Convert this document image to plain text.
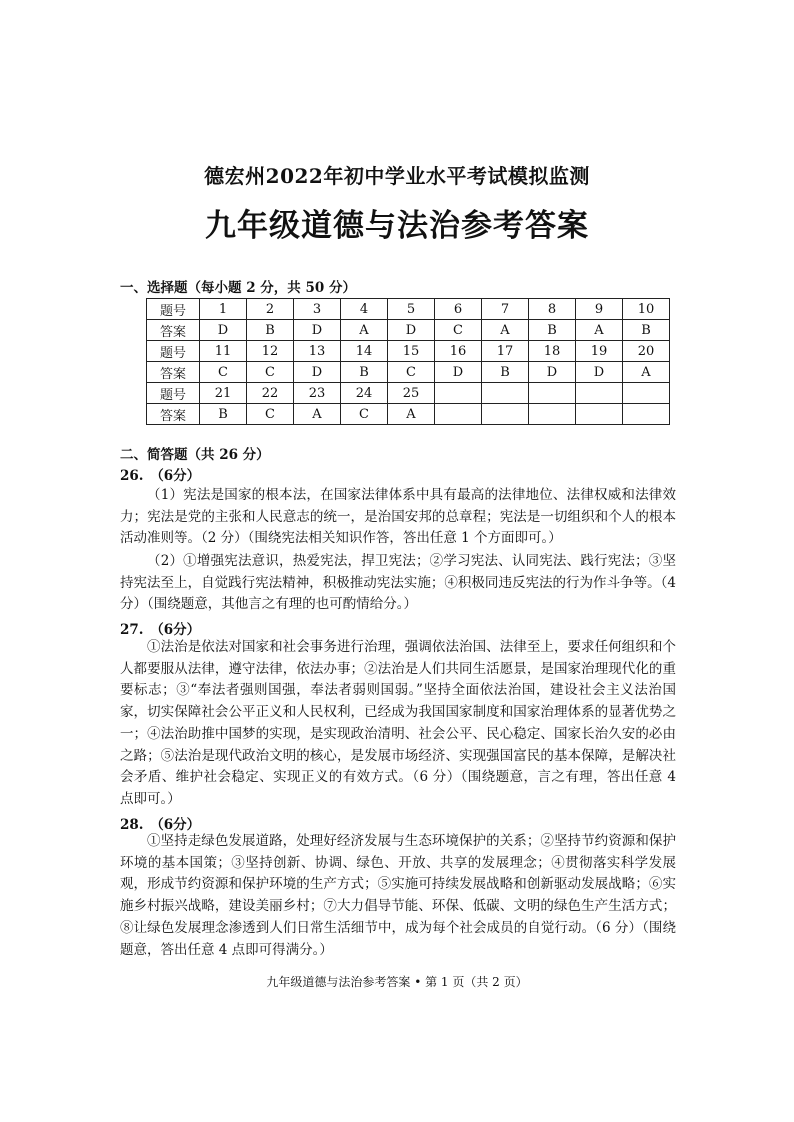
德宏州2022年初中学业水平考试模拟监测
九年级道德与法治参考答案
一、选择题（每小题 2 分，共 50 分）
题号	1	2	3	4	5	6	7	8	9	10
答案	D	B	D	A	D	C	A	B	A	B
题号	11	12	13	14	15	16	17	18	19	20
答案	C	C	D	B	C	D	B	D	D	A
题号	21	22	23	24	25					
答案	B	C	A	C	A					
二、简答题（共 26 分）
26.　（6分）
（1）宪法是国家的根本法，在国家法律体系中具有最高的法律地位、法律权威和法律效力；宪法是党的主张和人民意志的统一，是治国安邦的总章程；宪法是一切组织和个人的根本活动准则等。（2 分）（围绕宪法相关知识作答，答出任意 1 个方面即可。）
（2）①增强宪法意识，热爱宪法，捍卫宪法；②学习宪法、认同宪法、践行宪法；③坚持宪法至上，自觉践行宪法精神，积极推动宪法实施；④积极同违反宪法的行为作斗争等。（4 分）（围绕题意，其他言之有理的也可酌情给分。）
27.　（6分）
①法治是依法对国家和社会事务进行治理，强调依法治国、法律至上，要求任何组织和个人都要服从法律，遵守法律，依法办事；②法治是人们共同生活愿景，是国家治理现代化的重要标志；③“奉法者强则国强，奉法者弱则国弱。”坚持全面依法治国，建设社会主义法治国家，切实保障社会公平正义和人民权利，已经成为我国国家制度和国家治理体系的显著优势之一；④法治助推中国梦的实现，是实现政治清明、社会公平、民心稳定、国家长治久安的必由之路；⑤法治是现代政治文明的核心，是发展市场经济、实现强国富民的基本保障，是解决社会矛盾、维护社会稳定、实现正义的有效方式。（6 分）（围绕题意，言之有理，答出任意 4 点即可。）
28.　（6分）
①坚持走绿色发展道路，处理好经济发展与生态环境保护的关系；②坚持节约资源和保护环境的基本国策；③坚持创新、协调、绿色、开放、共享的发展理念；④贯彻落实科学发展观，形成节约资源和保护环境的生产方式；⑤实施可持续发展战略和创新驱动发展战略；⑥实施乡村振兴战略，建设美丽乡村；⑦大力倡导节能、环保、低碳、文明的绿色生产生活方式；⑧让绿色发展理念渗透到人们日常生活细节中，成为每个社会成员的自觉行动。（6 分）（围绕题意，答出任意 4 点即可得满分。）
九年级道德与法治参考答案 • 第 1 页（共 2 页）
